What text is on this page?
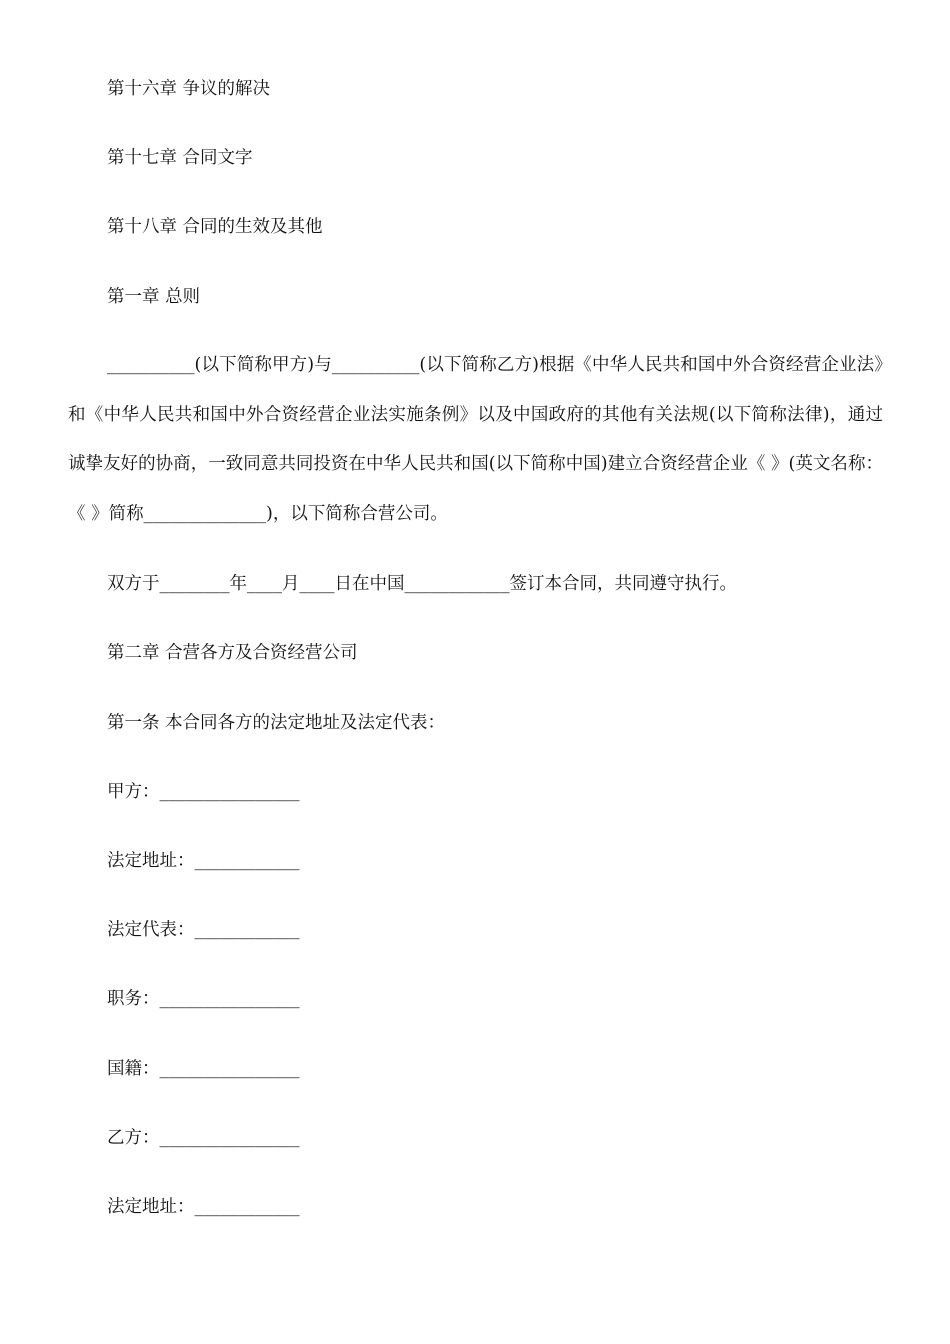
第十六章 争议的解决
第十七章 合同文字
第十八章 合同的生效及其他
第一章 总则

__________(以下简称甲方)与__________(以下简称乙方)根据《中华人民共和国中外合资经营企业法》和《中华人民共和国中外合资经营企业法实施条例》以及中国政府的其他有关法规(以下简称法律)，通过诚挚友好的协商，一致同意共同投资在中华人民共和国(以下简称中国)建立合资经营企业《 》(英文名称：《 》简称______________)，以下简称合营公司。

双方于________年____月____日在中国____________签订本合同，共同遵守执行。
第二章 合营各方及合资经营公司
第一条 本合同各方的法定地址及法定代表：
甲方：________________
法定地址：____________
法定代表：____________
职务：________________
国籍：________________
乙方：________________
法定地址：____________
